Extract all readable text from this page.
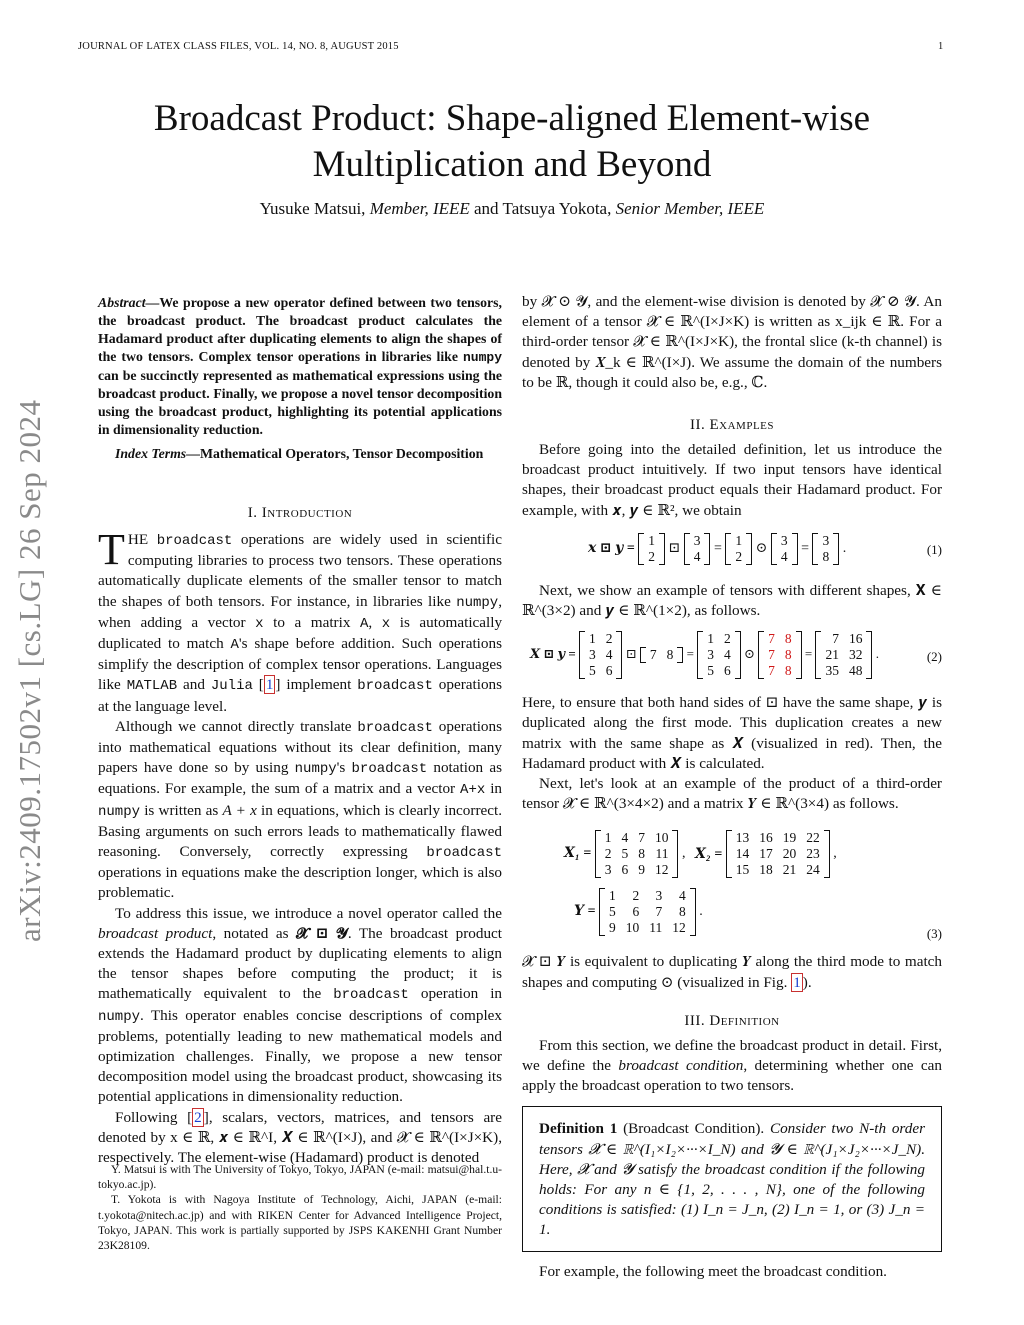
JOURNAL OF LATEX CLASS FILES, VOL. 14, NO. 8, AUGUST 2015	1
arXiv:2409.17502v1 [cs.LG] 26 Sep 2024
Broadcast Product: Shape-aligned Element-wise
Multiplication and Beyond
Yusuke Matsui, Member, IEEE and Tatsuya Yokota, Senior Member, IEEE
Abstract—We propose a new operator defined between two tensors, the broadcast product. The broadcast product calculates the Hadamard product after duplicating elements to align the shapes of the two tensors. Complex tensor operations in libraries like numpy can be succinctly represented as mathematical expressions using the broadcast product. Finally, we propose a novel tensor decomposition using the broadcast product, highlighting its potential applications in dimensionality reduction.
Index Terms—Mathematical Operators, Tensor Decomposition
I. Introduction

THE broadcast operations are widely used in scientific computing libraries to process two tensors. These operations automatically duplicate elements of the smaller tensor to match the shapes of both tensors. For instance, in libraries like numpy, when adding a vector x to a matrix A, x is automatically duplicated to match A's shape before addition. Such operations simplify the description of complex tensor operations. Languages like MATLAB and Julia [ 1 ] implement broadcast operations at the language level.

Although we cannot directly translate broadcast operations into mathematical equations without its clear definition, many papers have done so by using numpy's broadcast notation as equations. For example, the sum of a matrix and a vector A+x in numpy is written as A + x in equations, which is clearly incorrect. Basing arguments on such errors leads to mathematically flawed reasoning. Conversely, correctly expressing broadcast operations in equations make the description longer, which is also problematic.

To address this issue, we introduce a novel operator called the broadcast product, notated as 𝓧 ⊡ 𝓨. The broadcast product extends the Hadamard product by duplicating elements to align the tensor shapes before computing the product; it is mathematically equivalent to the broadcast operation in numpy. This operator enables concise descriptions of complex problems, potentially leading to new mathematical models and optimization challenges. Finally, we propose a new tensor decomposition model using the broadcast product, showcasing its potential applications in dimensionality reduction.

Following [ 2 ], scalars, vectors, matrices, and tensors are denoted by x ∈ ℝ, 𝒙 ∈ ℝ^I, 𝑿 ∈ ℝ^(I×J), and 𝓧 ∈ ℝ^(I×J×K), respectively. The element-wise (Hadamard) product is denoted

Y. Matsui is with The University of Tokyo, Tokyo, JAPAN (e-mail: matsui@hal.t.u-tokyo.ac.jp).

T. Yokota is with Nagoya Institute of Technology, Aichi, JAPAN (e-mail: t.yokota@nitech.ac.jp) and with RIKEN Center for Advanced Intelligence Project, Tokyo, JAPAN. This work is partially supported by JSPS KAKENHI Grant Number 23K28109.

by 𝓧 ⊙ 𝓨, and the element-wise division is denoted by 𝓧 ⊘ 𝓨. An element of a tensor 𝓧 ∈ ℝ^(I×J×K) is written as x_ijk ∈ ℝ. For a third-order tensor 𝓧 ∈ ℝ^(I×J×K), the frontal slice (k-th channel) is denoted by 𝑿_k ∈ ℝ^(I×J). We assume the domain of the numbers to be ℝ, though it could also be, e.g., ℂ.

II. Examples

Before going into the detailed definition, let us introduce the broadcast product intuitively. If two input tensors have identical shapes, their broadcast product equals their Hadamard product. For example, with 𝒙, 𝒚 ∈ ℝ², we obtain

𝒙 ⊡ 𝒚 =
1
2
⊡
3
4
=
1
2
⊙
3
4
=
3
8
.	(1)

Next, we show an example of tensors with different shapes, 𝐗 ∈ ℝ^(3×2) and 𝒚 ∈ ℝ^(1×2), as follows.

𝑿 ⊡ 𝒚 =
1	2
3	4
5	6
⊡ 7	8 =
1	2
3	4
5	6
⊙
7	8
7	8
7	8
=
7	16
21	32
35	48
.	(2)

Here, to ensure that both hand sides of ⊡ have the same shape, 𝒚 is duplicated along the first mode. This duplication creates a new matrix with the same shape as 𝑿 (visualized in red). Then, the Hadamard product with 𝑿 is calculated.

Next, let's look at an example of the product of a third-order tensor 𝓧 ∈ ℝ^(3×4×2) and a matrix 𝒀 ∈ ℝ^(3×4) as follows.

𝑿₁ =
1	4	7	10
2	5	8	11
3	6	9	12
, 𝑿₂ =
13	16	19	22
14	17	20	23
15	18	21	24
,
𝒀 =
1	2	3	4
5	6	7	8
9	10	11	12
.
(3)

𝓧 ⊡ 𝒀 is equivalent to duplicating 𝒀 along the third mode to match shapes and computing ⊙ (visualized in Fig. 1 ).

III. Definition

From this section, we define the broadcast product in detail. First, we define the broadcast condition, determining whether one can apply the broadcast operation to two tensors.

Definition 1 (Broadcast Condition). Consider two N-th order tensors 𝓧 ∈ ℝ^(I₁×I₂×···×I_N) and 𝓨 ∈ ℝ^(J₁×J₂×···×J_N). Here, 𝓧 and 𝓨 satisfy the broadcast condition if the following holds: For any n ∈ {1, 2, . . . , N}, one of the following conditions is satisfied: (1) I_n = J_n, (2) I_n = 1, or (3) J_n = 1.

For example, the following meet the broadcast condition.
